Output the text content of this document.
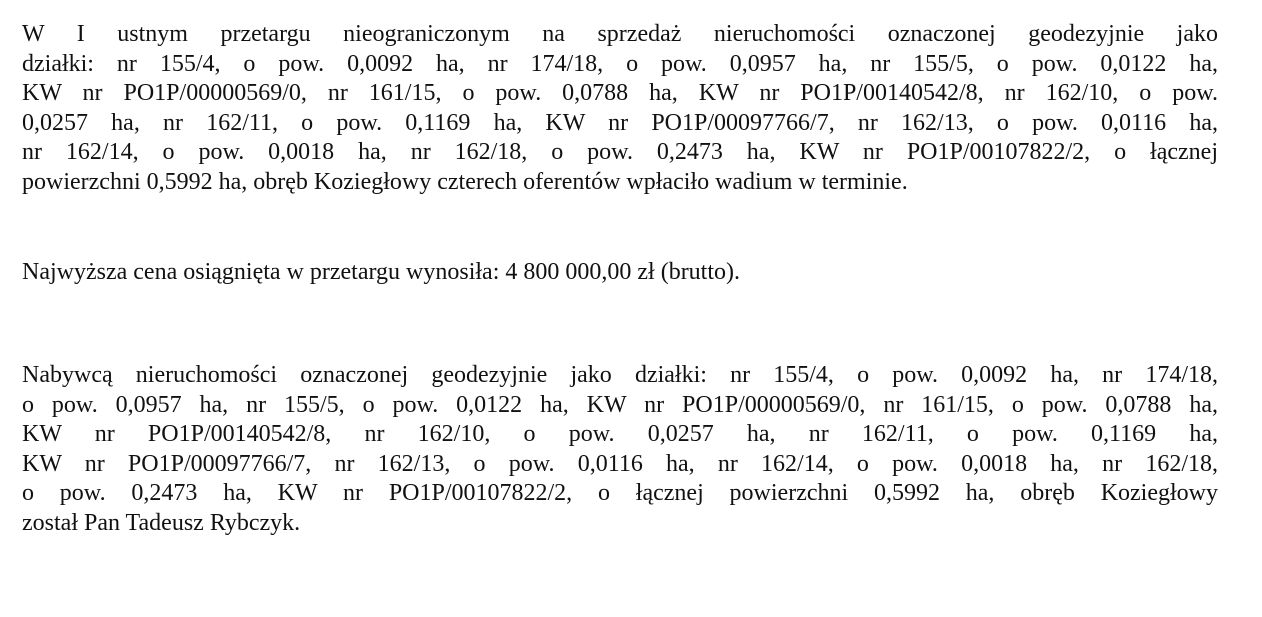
W I ustnym przetargu nieograniczonym na sprzedaż nieruchomości oznaczonej geodezyjnie jako
działki: nr 155/4, o pow. 0,0092 ha, nr 174/18, o pow. 0,0957 ha, nr 155/5, o pow. 0,0122 ha,
KW nr PO1P/00000569/0, nr 161/15, o pow. 0,0788 ha, KW nr PO1P/00140542/8, nr 162/10, o pow.
0,0257 ha, nr 162/11, o pow. 0,1169 ha, KW nr PO1P/00097766/7, nr 162/13, o pow. 0,0116 ha,
nr 162/14, o pow. 0,0018 ha, nr 162/18, o pow. 0,2473 ha, KW nr PO1P/00107822/2, o łącznej
powierzchni 0,5992 ha, obręb Koziegłowy czterech oferentów wpłaciło wadium w terminie.

Najwyższa cena osiągnięta w przetargu wynosiła: 4 800 000,00 zł (brutto).

Nabywcą nieruchomości oznaczonej geodezyjnie jako działki: nr 155/4, o pow. 0,0092 ha, nr 174/18,
o pow. 0,0957 ha, nr 155/5, o pow. 0,0122 ha, KW nr PO1P/00000569/0, nr 161/15, o pow. 0,0788 ha,
KW nr PO1P/00140542/8, nr 162/10, o pow. 0,0257 ha, nr 162/11, o pow. 0,1169 ha,
KW nr PO1P/00097766/7, nr 162/13, o pow. 0,0116 ha, nr 162/14, o pow. 0,0018 ha, nr 162/18,
o pow. 0,2473 ha, KW nr PO1P/00107822/2, o łącznej powierzchni 0,5992 ha, obręb Koziegłowy
został Pan Tadeusz Rybczyk.
